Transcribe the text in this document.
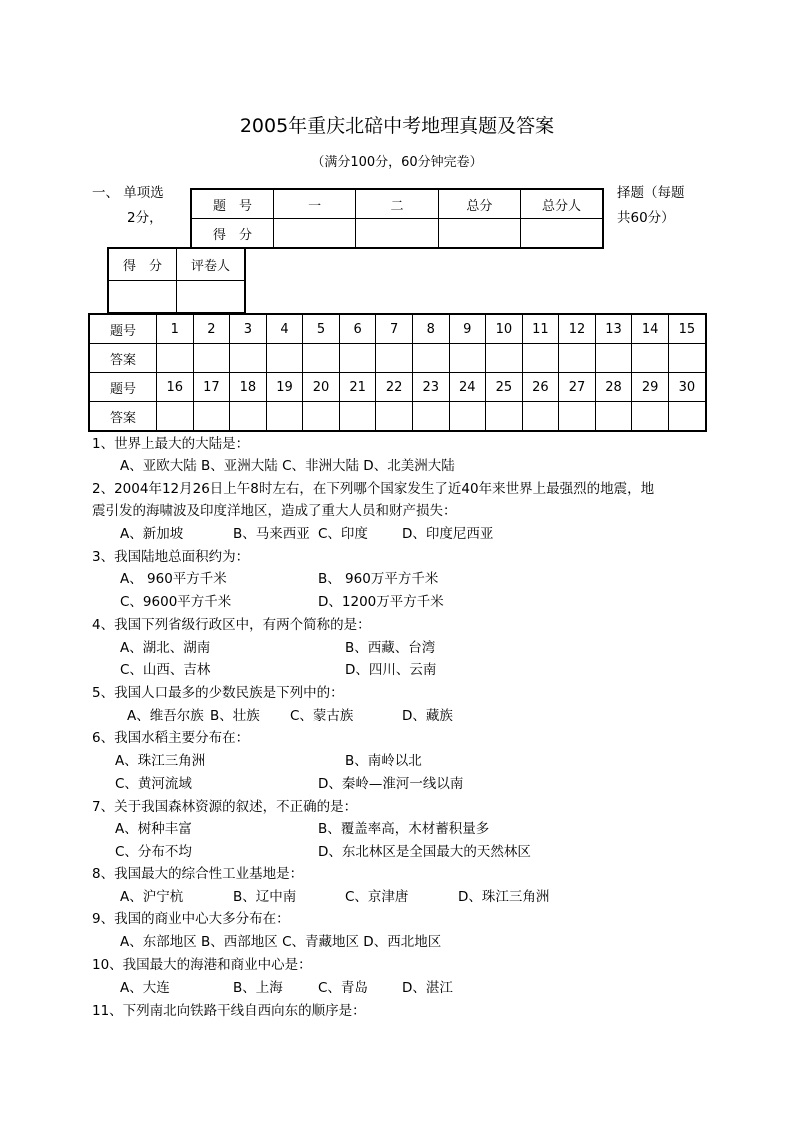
2005年重庆北碚中考地理真题及答案
（满分100分，60分钟完卷）
一、 单项选
2分，
择题（每题
共60分）
题　号	一	二	总分	总分人
得　分				
得　分	评卷人

题号	1	2	3	4	5	6	7	8	9	10	11	12	13	14	15
答案															
题号	16	17	18	19	20	21	22	23	24	25	26	27	28	29	30
答案															
1、世界上最大的大陆是：
A、亚欧大陆 B、亚洲大陆 C、非洲大陆 D、北美洲大陆
2、2004年12月26日上午8时左右，在下列哪个国家发生了近40年来世界上最强烈的地震，地
震引发的海啸波及印度洋地区，造成了重大人员和财产损失：
A、新加坡	B、马来西亚 C、印度	D、印度尼西亚
3、我国陆地总面积约为：
A、 960平方千米	B、 960万平方千米
C、9600平方千米	D、1200万平方千米
4、我国下列省级行政区中，有两个简称的是：
A、湖北、湖南	B、西藏、台湾
C、山西、吉林	D、四川、云南
5、我国人口最多的少数民族是下列中的：
A、维吾尔族 B、壮族 C、蒙古族	D、藏族
6、我国水稻主要分布在：
A、珠江三角洲	B、南岭以北
C、黄河流域	D、秦岭—淮河一线以南
7、关于我国森林资源的叙述，不正确的是：
A、树种丰富	B、覆盖率高，木材蓄积量多
C、分布不均	D、东北林区是全国最大的天然林区
8、我国最大的综合性工业基地是：
A、沪宁杭	B、辽中南	C、京津唐	D、珠江三角洲
9、我国的商业中心大多分布在：
A、东部地区 B、西部地区 C、青藏地区 D、西北地区
10、我国最大的海港和商业中心是：
A、大连	B、上海	C、青岛	D、湛江
11、下列南北向铁路干线自西向东的顺序是：
